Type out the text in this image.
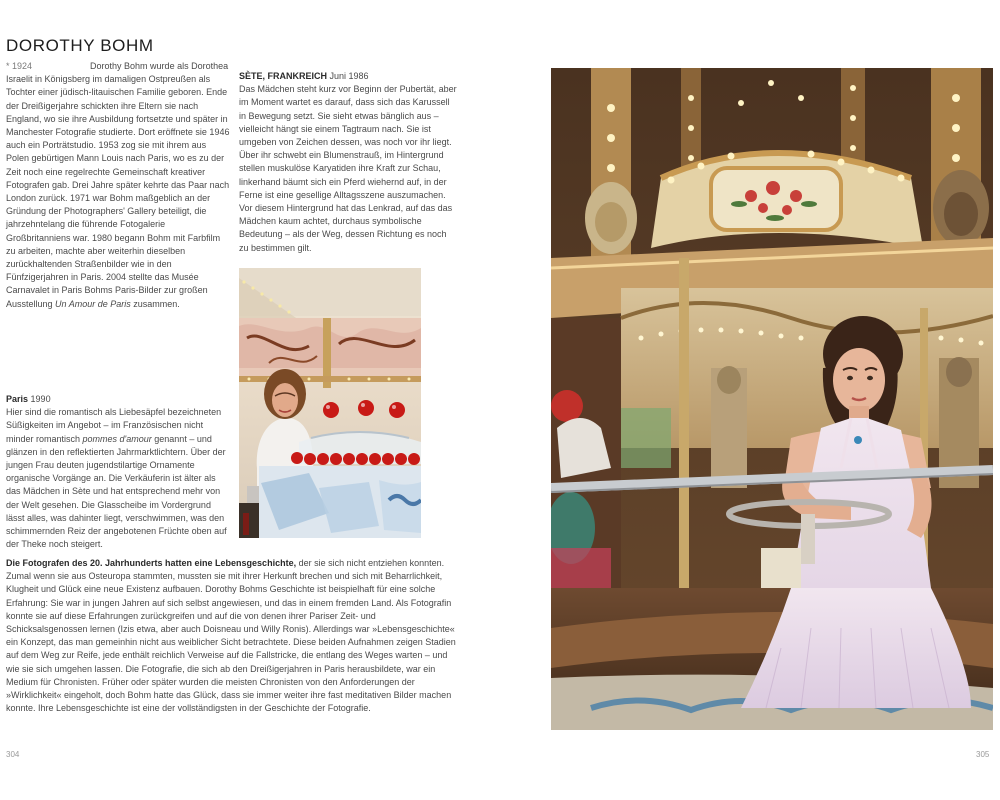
DOROTHY BOHM
* 1924	Dorothy Bohm wurde als Dorothea Israelit in Königsberg im damaligen Ostpreußen als Tochter einer jüdisch-litauischen Familie geboren. Ende der Dreißigerjahre schickten ihre Eltern sie nach England, wo sie ihre Ausbildung fortsetzte und später in Manchester Fotografie studierte. Dort eröffnete sie 1946 auch ein Porträtstudio. 1953 zog sie mit ihrem aus Polen gebürtigen Mann Louis nach Paris, wo es zu der Zeit noch eine regelrechte Gemeinschaft kreativer Fotografen gab. Drei Jahre später kehrte das Paar nach London zurück. 1971 war Bohm maßgeblich an der Gründung der Photographers' Gallery beteiligt, die jahrzehntelang die führende Fotogalerie Großbritanniens war. 1980 begann Bohm mit Farbfilm zu arbeiten, machte aber weiterhin dieselben zurückhaltenden Straßenbilder wie in den Fünfzigerjahren in Paris. 2004 stellte das Musée Carnavalet in Paris Bohms Paris-Bilder zur großen Ausstellung Un Amour de Paris zusammen.
SÈTE, FRANKREICH Juni 1986
Das Mädchen steht kurz vor Beginn der Pubertät, aber im Moment wartet es darauf, dass sich das Karussell in Bewegung setzt. Sie sieht etwas bänglich aus – vielleicht hängt sie einem Tagtraum nach. Sie ist umgeben von Zeichen dessen, was noch vor ihr liegt. Über ihr schwebt ein Blumenstrauß, im Hintergrund stellen muskulöse Karyatiden ihre Kraft zur Schau, linkerhand bäumt sich ein Pferd wiehernd auf, in der Ferne ist eine gesellige Alltagsszene auszumachen. Vor diesem Hintergrund hat das Lenkrad, auf das das Mädchen kaum achtet, durchaus symbolische Bedeutung – als der Weg, dessen Richtung es noch zu bestimmen gilt.
Paris 1990
Hier sind die romantisch als Liebesäpfel bezeichneten Süßigkeiten im Angebot – im Französischen nicht minder romantisch pommes d'amour genannt – und glänzen in den reflektierten Jahrmarktlichtern. Über der jungen Frau deuten jugendstilartige Ornamente organische Vorgänge an. Die Verkäuferin ist älter als das Mädchen in Sète und hat entsprechend mehr von der Welt gesehen. Die Glasscheibe im Vordergrund lässt alles, was dahinter liegt, verschwimmen, was den schimmernden Reiz der angebotenen Früchte oben auf der Theke noch steigert.
Die Fotografen des 20. Jahrhunderts hatten eine Lebensgeschichte, der sie sich nicht entziehen konnten. Zumal wenn sie aus Osteuropa stammten, mussten sie mit ihrer Herkunft brechen und sich mit Beharrlichkeit, Klugheit und Glück eine neue Existenz aufbauen. Dorothy Bohms Geschichte ist beispielhaft für eine solche Erfahrung: Sie war in jungen Jahren auf sich selbst angewiesen, und das in einem fremden Land. Als Fotografin konnte sie auf diese Erfahrungen zurückgreifen und auf die von denen ihrer Pariser Zeit- und Schicksalsgenossen lernen (Izis etwa, aber auch Doisneau und Willy Ronis). Allerdings war »Lebensgeschichte« ein Konzept, das man gemeinhin nicht aus weiblicher Sicht betrachtete. Diese beiden Aufnahmen zeigen Stadien auf dem Weg zur Reife, jede enthält reichlich Verweise auf die Fallstricke, die entlang des Weges warten – und wie sie sich umgehen lassen. Die Fotografie, die sich ab den Dreißigerjahren in Paris herausbildete, war ein Medium für Chronisten. Früher oder später wurden die meisten Chronisten von den Anforderungen der »Wirklichkeit« eingeholt, doch Bohm hatte das Glück, dass sie immer weiter ihre fast meditativen Bilder machen konnte. Ihre Lebensgeschichte ist eine der vollständigsten in der Geschichte der Fotografie.
304	305
